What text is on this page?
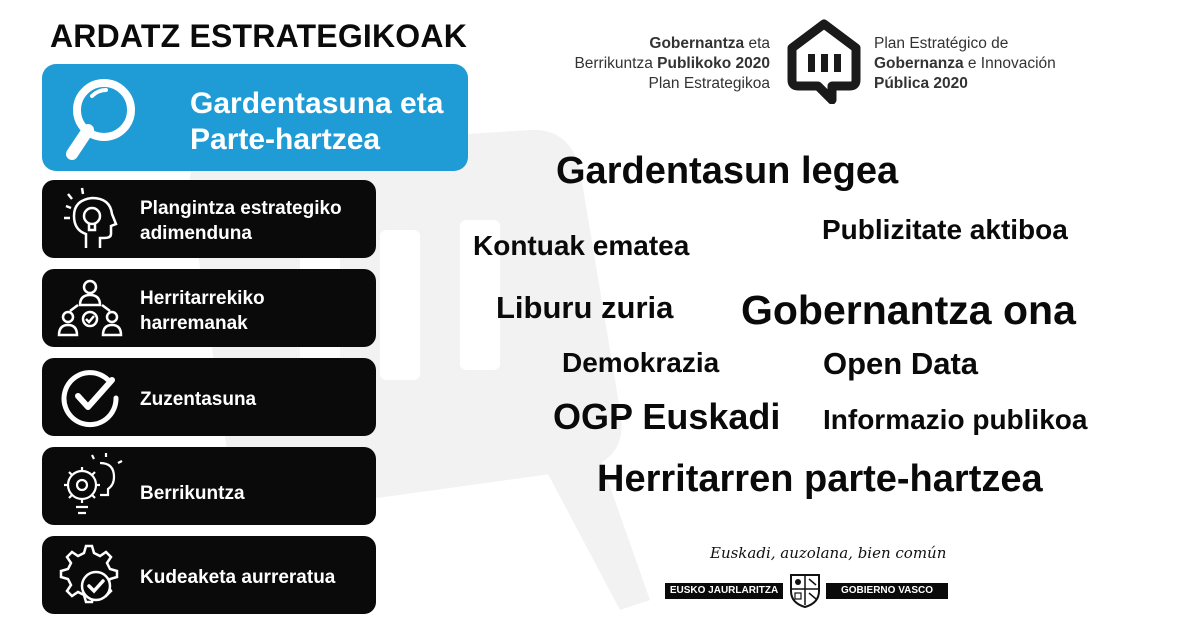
ARDATZ ESTRATEGIKOAK
Gardentasuna eta
Parte-hartzea
Plangintza estrategiko
adimenduna
Herritarrekiko
harremanak
Zuzentasuna
Berrikuntza
Kudeaketa aurreratua
Gobernantza eta
Berrikuntza Publikoko 2020
Plan Estrategikoa
Plan Estratégico de
Gobernanza e Innovación
Pública 2020
Gardentasun legea
Publizitate aktiboa
Kontuak ematea
Liburu zuria Gobernantza ona
Demokrazia	Open Data
OGP Euskadi Informazio publikoa
Herritarren parte-hartzea
Euskadi, auzolana, bien común
EUSKO JAURLARITZA	GOBIERNO VASCO
